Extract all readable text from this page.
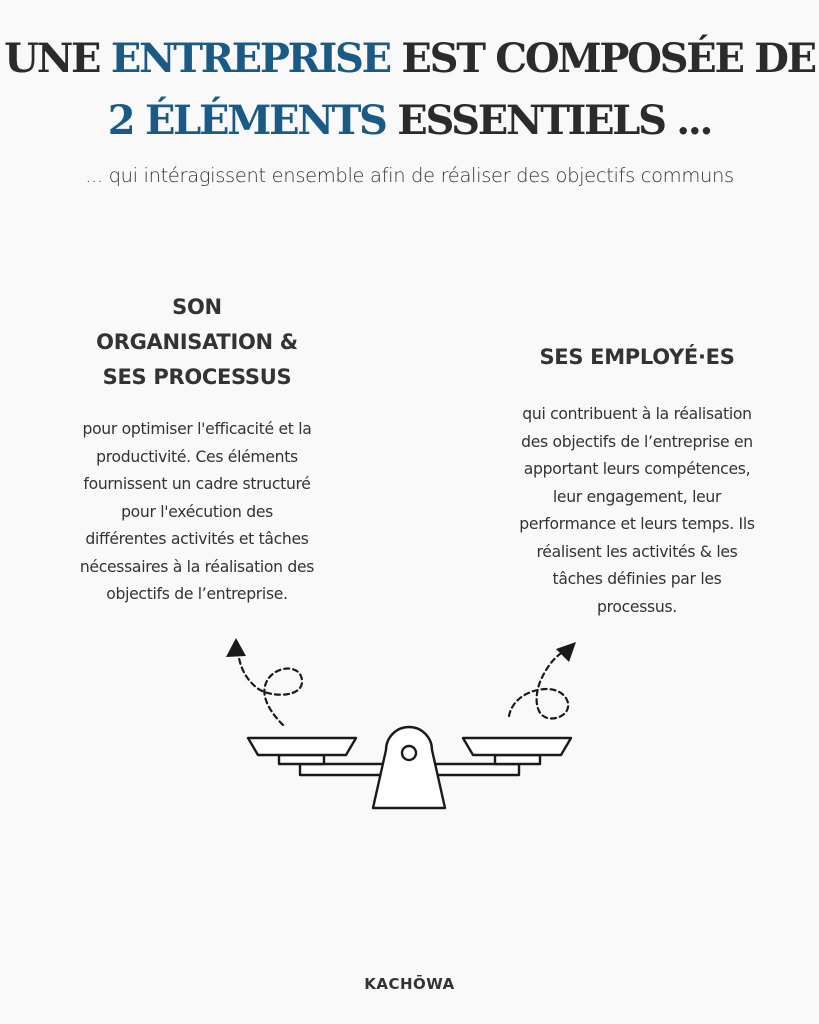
UNE ENTREPRISE EST COMPOSÉE DE
2 ÉLÉMENTS ESSENTIELS ...

... qui intéragissent ensemble afin de réaliser des objectifs communs

SON
ORGANISATION &
SES PROCESSUS

pour optimiser l'efficacité et la
productivité. Ces éléments
fournissent un cadre structuré
pour l'exécution des
différentes activités et tâches
nécessaires à la réalisation des
objectifs de l’entreprise.

SES EMPLOYÉ·ES

qui contribuent à la réalisation
des objectifs de l’entreprise en
apportant leurs compétences,
leur engagement, leur
performance et leurs temps. Ils
réalisent les activités & les
tâches définies par les
processus.

KACHŌWA
